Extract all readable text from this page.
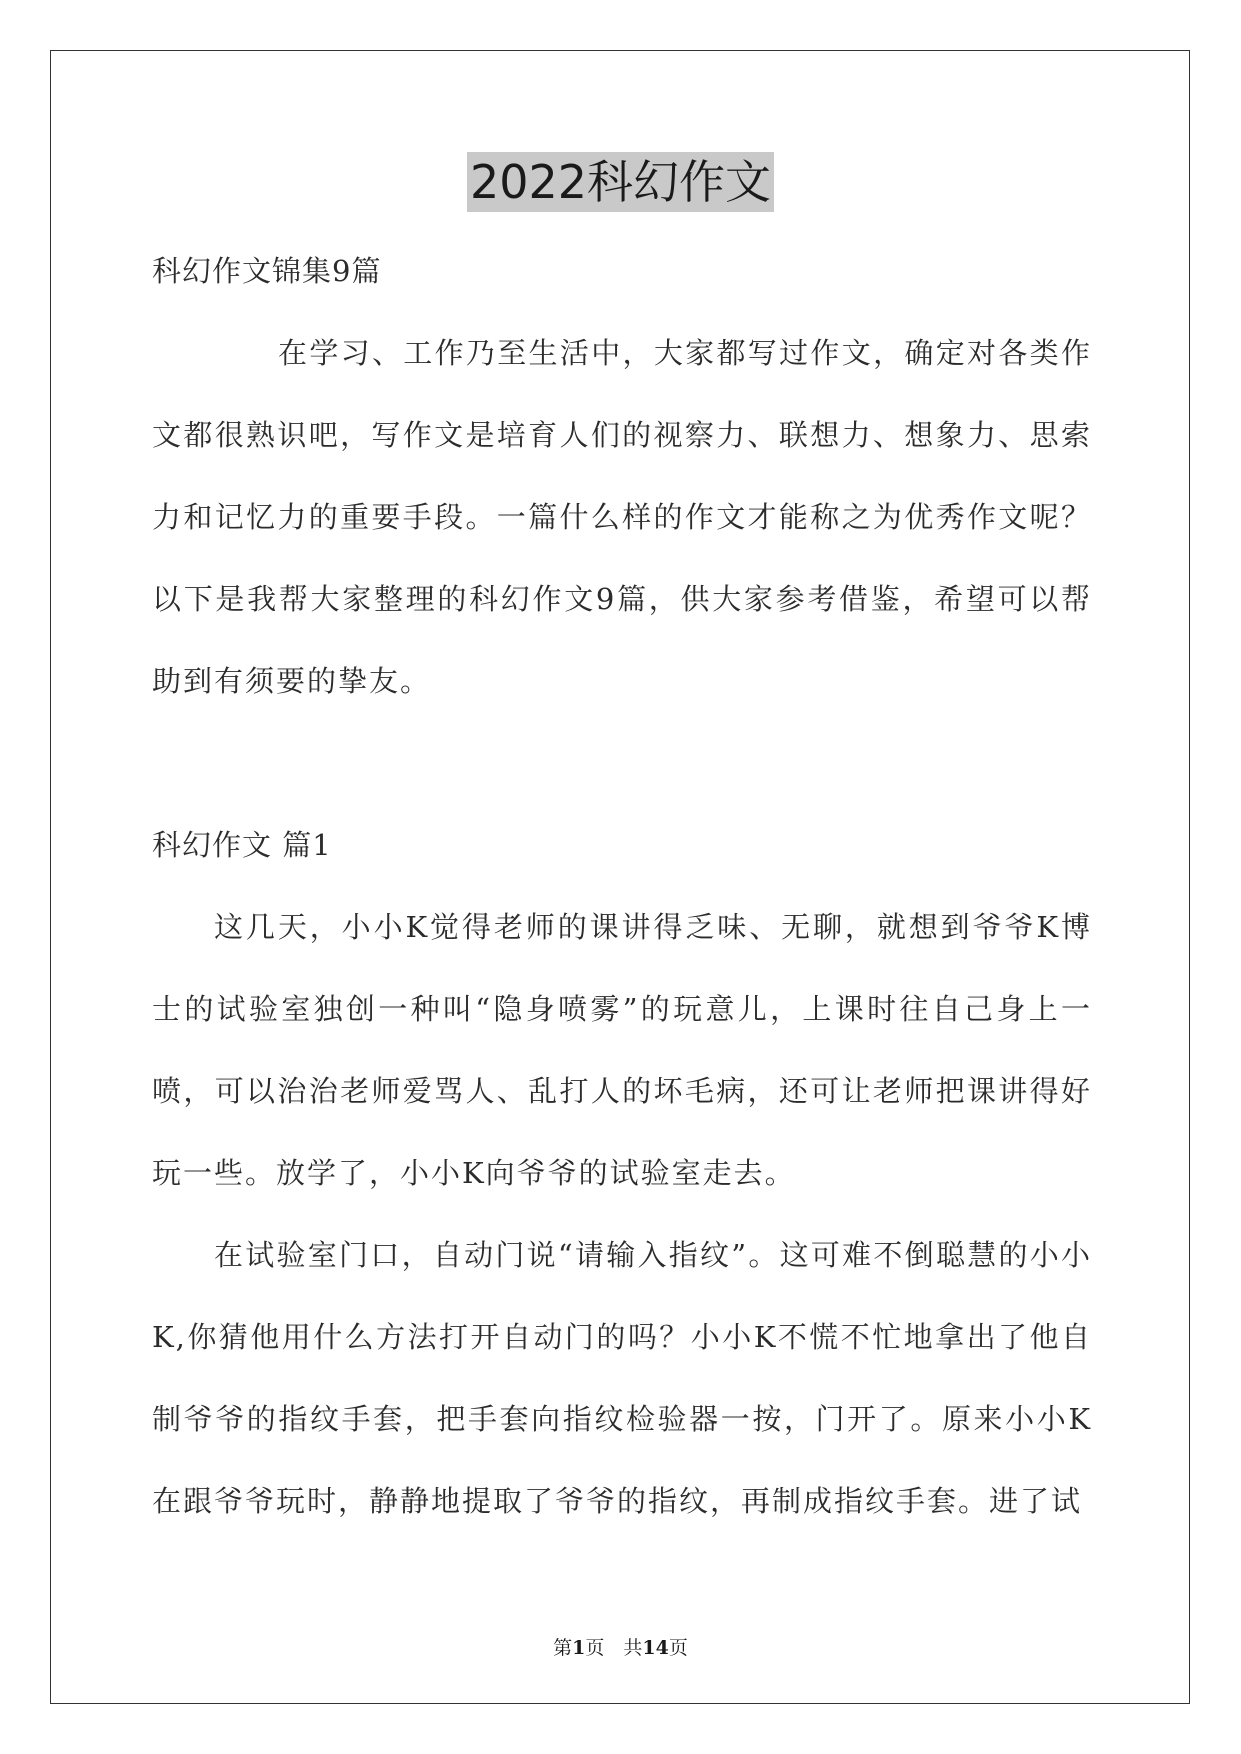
2022科幻作文

科幻作文锦集9篇

在学习、工作乃至生活中，大家都写过作文，确定对各类作文都很熟识吧，写作文是培育人们的视察力、联想力、想象力、思索力和记忆力的重要手段。一篇什么样的作文才能称之为优秀作文呢？以下是我帮大家整理的科幻作文9篇，供大家参考借鉴，希望可以帮助到有须要的挚友。

科幻作文 篇1

这几天，小小K觉得老师的课讲得乏味、无聊，就想到爷爷K博士的试验室独创一种叫“隐身喷雾”的玩意儿，上课时往自己身上一喷，可以治治老师爱骂人、乱打人的坏毛病，还可让老师把课讲得好玩一些。放学了，小小K向爷爷的试验室走去。

在试验室门口，自动门说“请输入指纹”。这可难不倒聪慧的小小K,你猜他用什么方法打开自动门的吗？小小K不慌不忙地拿出了他自制爷爷的指纹手套，把手套向指纹检验器一按，门开了。原来小小K在跟爷爷玩时，静静地提取了爷爷的指纹，再制成指纹手套。进了试

第1页　共14页
